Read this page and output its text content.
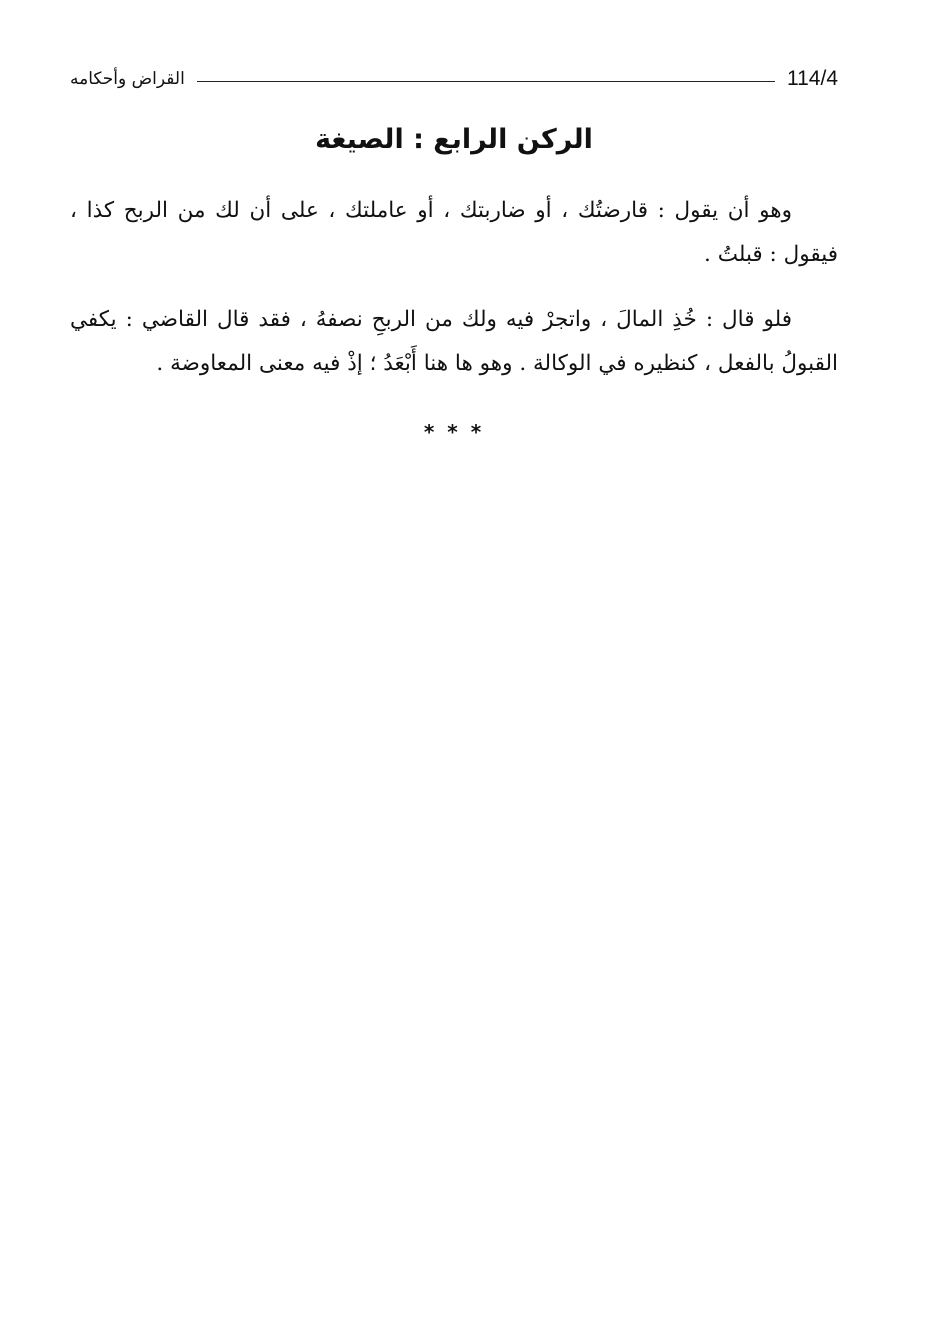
القراض وأحكامه	114/4
الركن الرابع : الصيغة

وهو أن يقول : قارضتُك ، أو ضاربتك ، أو عاملتك ، على أن لك من الربح كذا ، فيقول : قبلتُ .

فلو قال : خُذِ المالَ ، واتجرْ فيه ولك من الربحِ نصفهُ ، فقد قال القاضي : يكفي القبولُ بالفعل ، كنظيره في الوكالة . وهو ها هنا أَبْعَدُ ؛ إذْ فيه معنى المعاوضة .

* * *
